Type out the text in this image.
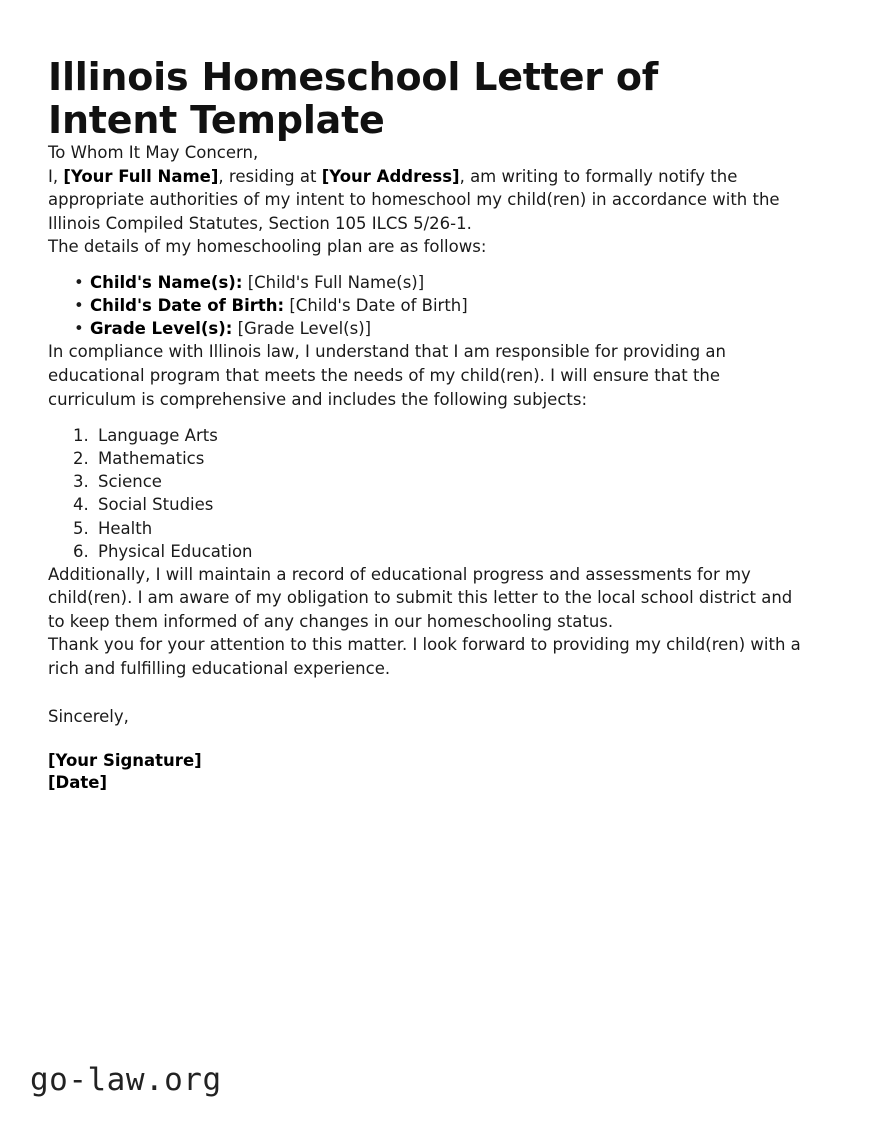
Illinois Homeschool Letter of Intent Template

To Whom It May Concern,

I, [Your Full Name], residing at [Your Address], am writing to formally notify the appropriate authorities of my intent to homeschool my child(ren) in accordance with the Illinois Compiled Statutes, Section 105 ILCS 5/26-1.

The details of my homeschooling plan are as follows:

• Child's Name(s): [Child's Full Name(s)]
• Child's Date of Birth: [Child's Date of Birth]
• Grade Level(s): [Grade Level(s)]

In compliance with Illinois law, I understand that I am responsible for providing an educational program that meets the needs of my child(ren). I will ensure that the curriculum is comprehensive and includes the following subjects:

1. Language Arts
2. Mathematics
3. Science
4. Social Studies
5. Health
6. Physical Education

Additionally, I will maintain a record of educational progress and assessments for my child(ren). I am aware of my obligation to submit this letter to the local school district and to keep them informed of any changes in our homeschooling status.

Thank you for your attention to this matter. I look forward to providing my child(ren) with a rich and fulfilling educational experience.

Sincerely,
[Your Signature]
[Date]
go-law.org
